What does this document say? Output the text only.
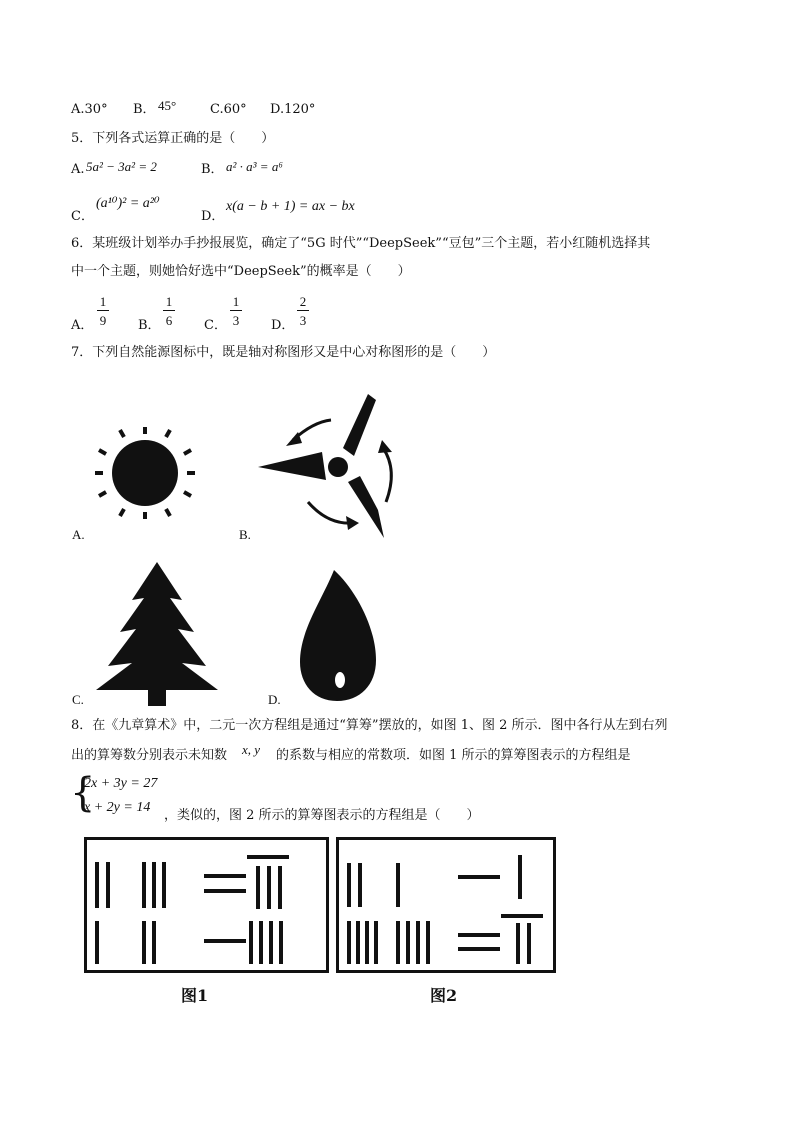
A.30° B． 45°	C.60° D.120°
5．下列各式运算正确的是（　　）
A. 5a² − 3a² = 2	B． a² · a³ = a⁶
C．
(a¹⁰)² = a²⁰
D．
x(a − b + 1) = ax − bx
6．某班级计划举办手抄报展览，确定了“5G 时代”“DeepSeek”“豆包”三个主题，若小红随机选择其
中一个主题，则她恰好选中“DeepSeek”的概率是（　　）
A．
1
9 B．
1
6 C．
1
3 D．
2
3
7．下列自然能源图标中，既是轴对称图形又是中心对称图形的是（　　）
A.	B.
C.	D.
8．在《九章算术》中，二元一次方程组是通过“算筹”摆放的，如图 1、图 2 所示．图中各行从左到右列
出的算筹数分别表示未知数 x, y 的系数与相应的常数项．如图 1 所示的算筹图表示的方程组是
{
2x + 3y = 27
x + 2y = 14
，类似的，图 2 所示的算筹图表示的方程组是（　　）
图1	图2
